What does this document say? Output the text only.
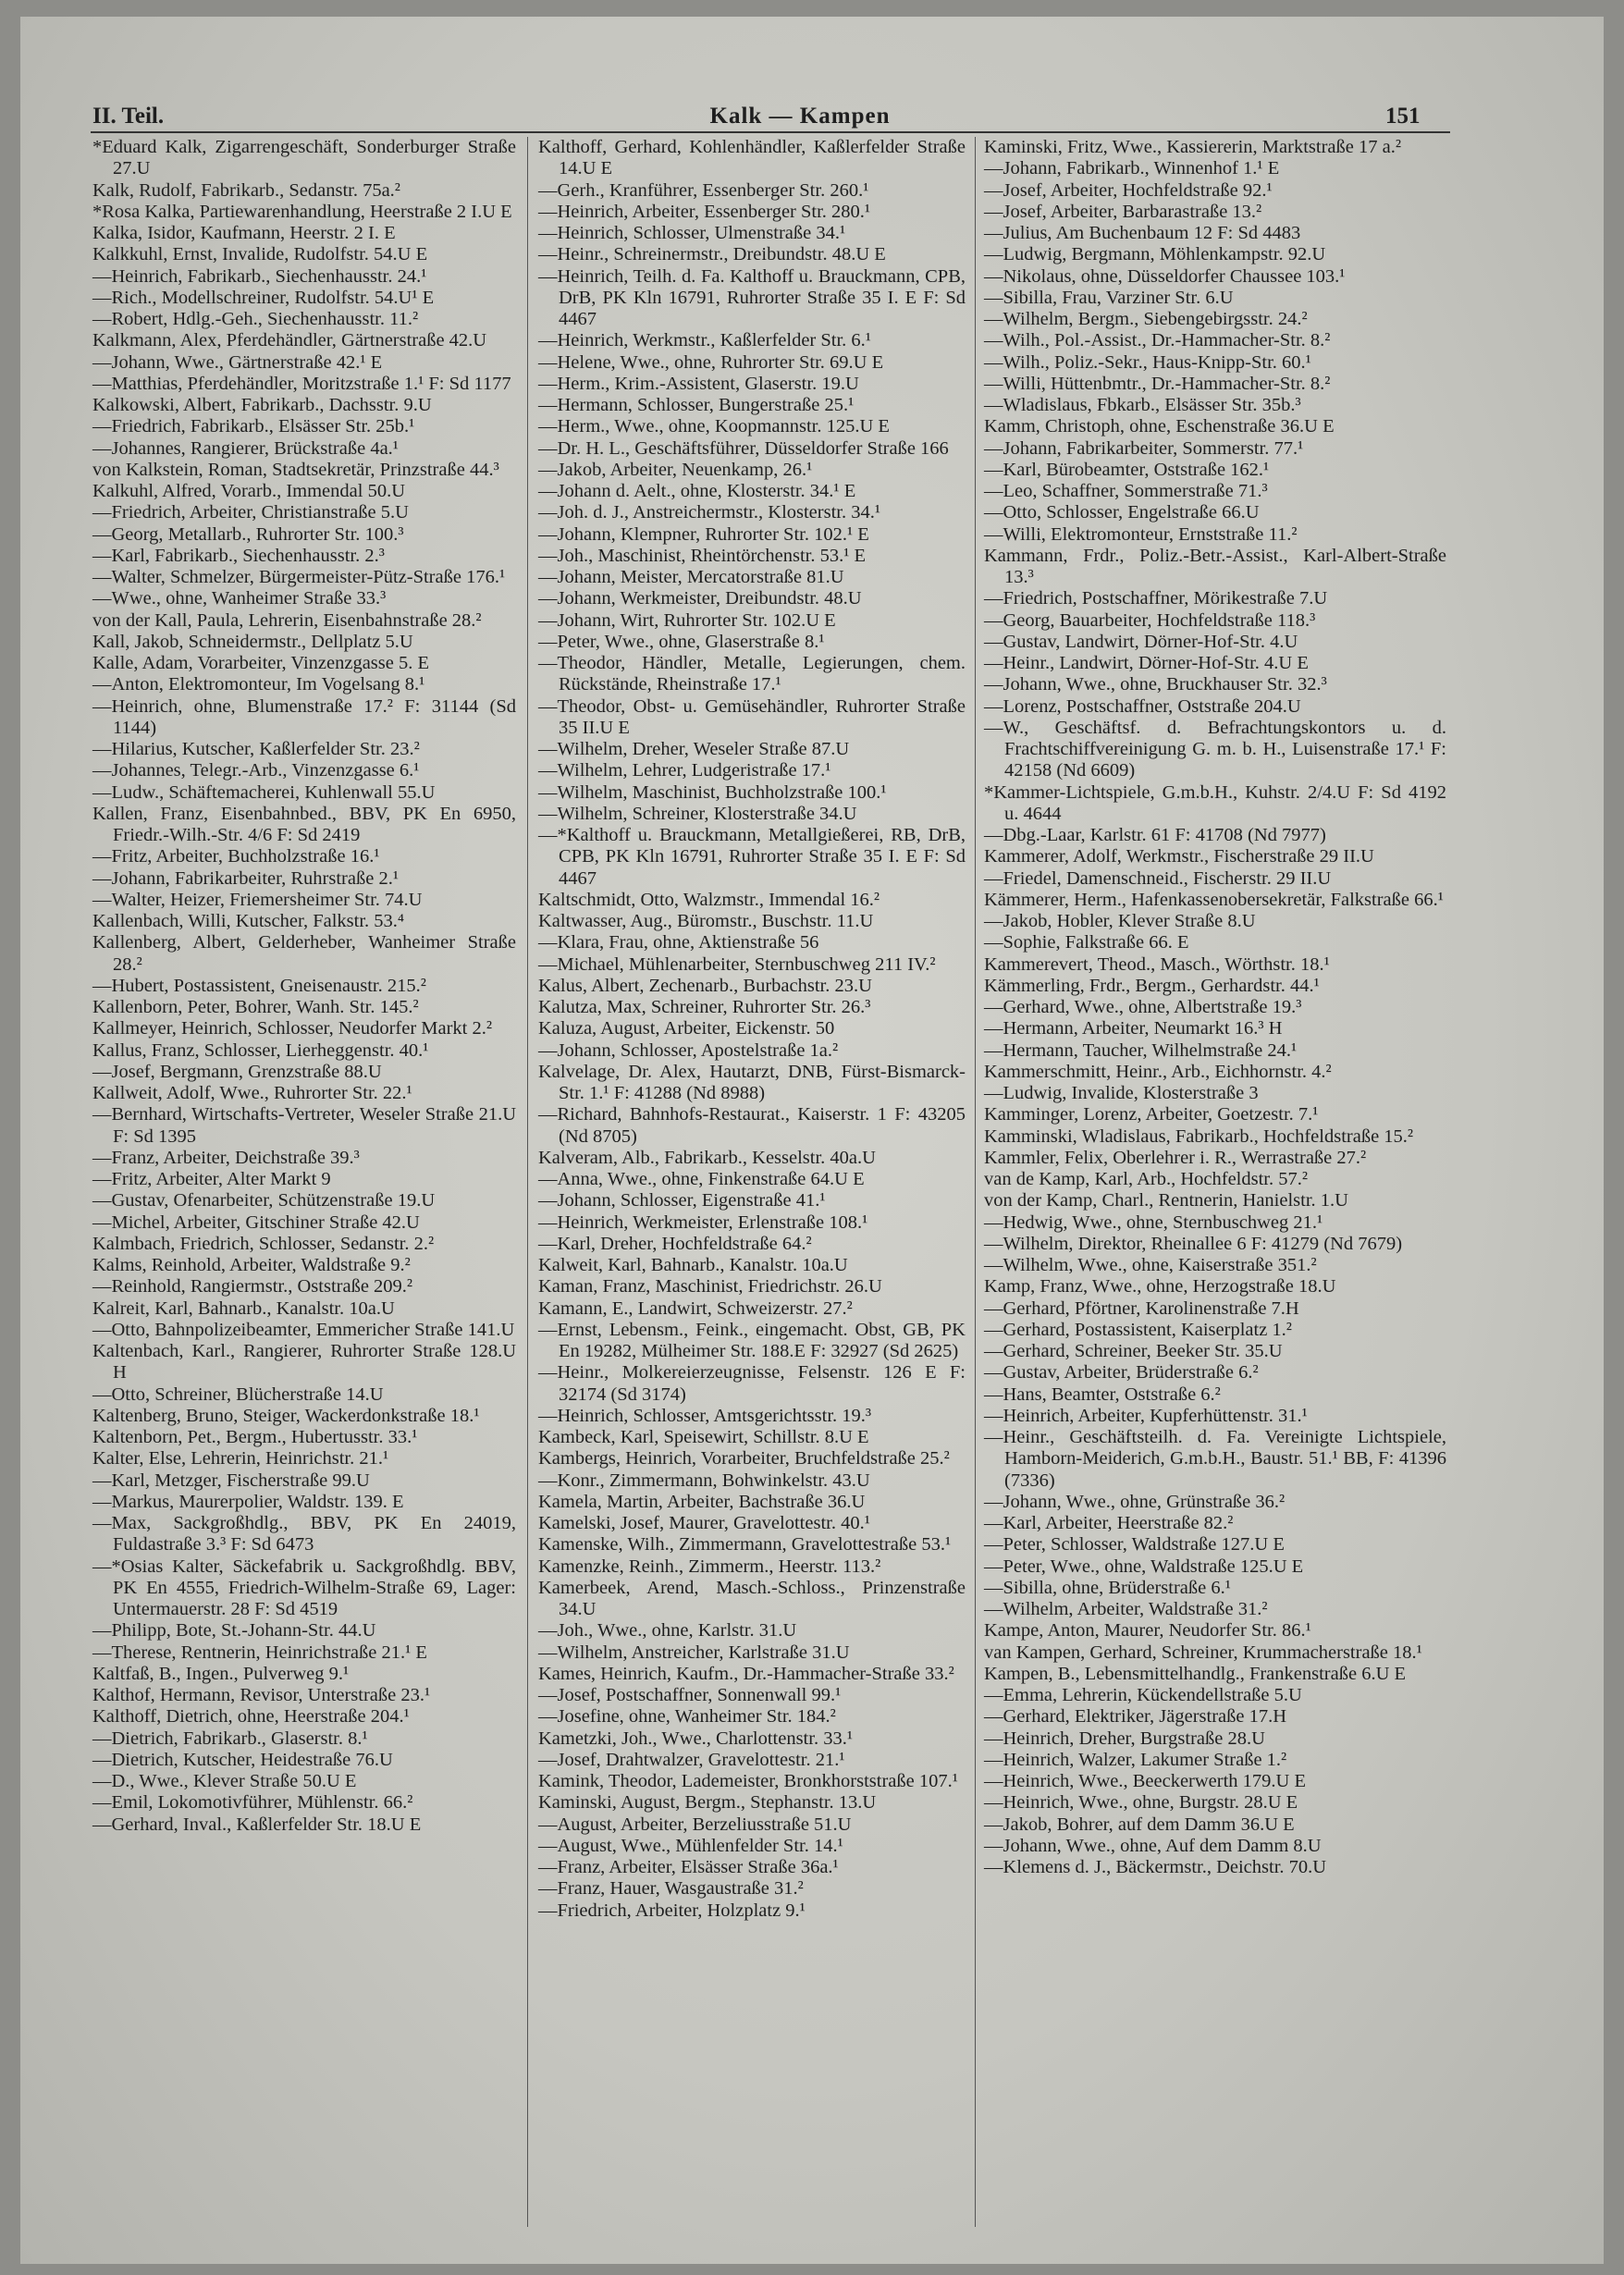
II. Teil.	Kalk — Kampen	151
*Eduard Kalk, Zigarrengeschäft, Sonderburger Straße 27.U
Kalk, Rudolf, Fabrikarb., Sedanstr. 75a.²
*Rosa Kalka, Partiewarenhandlung, Heerstraße 2 I.U E
Kalka, Isidor, Kaufmann, Heerstr. 2 I. E
Kalkkuhl, Ernst, Invalide, Rudolfstr. 54.U E
—Heinrich, Fabrikarb., Siechenhausstr. 24.¹
—Rich., Modellschreiner, Rudolfstr. 54.U¹ E
—Robert, Hdlg.-Geh., Siechenhausstr. 11.²
Kalkmann, Alex, Pferdehändler, Gärtnerstraße 42.U
—Johann, Wwe., Gärtnerstraße 42.¹ E
—Matthias, Pferdehändler, Moritzstraße 1.¹ F: Sd 1177
Kalkowski, Albert, Fabrikarb., Dachsstr. 9.U
—Friedrich, Fabrikarb., Elsässer Str. 25b.¹
—Johannes, Rangierer, Brückstraße 4a.¹
von Kalkstein, Roman, Stadtsekretär, Prinzstraße 44.³
Kalkuhl, Alfred, Vorarb., Immendal 50.U
—Friedrich, Arbeiter, Christianstraße 5.U
—Georg, Metallarb., Ruhrorter Str. 100.³
—Karl, Fabrikarb., Siechenhausstr. 2.³
—Walter, Schmelzer, Bürgermeister-Pütz-Straße 176.¹
—Wwe., ohne, Wanheimer Straße 33.³
von der Kall, Paula, Lehrerin, Eisenbahnstraße 28.²
Kall, Jakob, Schneidermstr., Dellplatz 5.U
Kalle, Adam, Vorarbeiter, Vinzenzgasse 5. E
—Anton, Elektromonteur, Im Vogelsang 8.¹
—Heinrich, ohne, Blumenstraße 17.² F: 31144 (Sd 1144)
—Hilarius, Kutscher, Kaßlerfelder Str. 23.²
—Johannes, Telegr.-Arb., Vinzenzgasse 6.¹
—Ludw., Schäftemacherei, Kuhlenwall 55.U
Kallen, Franz, Eisenbahnbed., BBV, PK En 6950, Friedr.-Wilh.-Str. 4/6 F: Sd 2419
—Fritz, Arbeiter, Buchholzstraße 16.¹
—Johann, Fabrikarbeiter, Ruhrstraße 2.¹
—Walter, Heizer, Friemersheimer Str. 74.U
Kallenbach, Willi, Kutscher, Falkstr. 53.⁴
Kallenberg, Albert, Gelderheber, Wanheimer Straße 28.²
—Hubert, Postassistent, Gneisenaustr. 215.²
Kallenborn, Peter, Bohrer, Wanh. Str. 145.²
Kallmeyer, Heinrich, Schlosser, Neudorfer Markt 2.²
Kallus, Franz, Schlosser, Lierheggenstr. 40.¹
—Josef, Bergmann, Grenzstraße 88.U
Kallweit, Adolf, Wwe., Ruhrorter Str. 22.¹
—Bernhard, Wirtschafts-Vertreter, Weseler Straße 21.U F: Sd 1395
—Franz, Arbeiter, Deichstraße 39.³
—Fritz, Arbeiter, Alter Markt 9
—Gustav, Ofenarbeiter, Schützenstraße 19.U
—Michel, Arbeiter, Gitschiner Straße 42.U
Kalmbach, Friedrich, Schlosser, Sedanstr. 2.²
Kalms, Reinhold, Arbeiter, Waldstraße 9.²
—Reinhold, Rangiermstr., Oststraße 209.²
Kalreit, Karl, Bahnarb., Kanalstr. 10a.U
—Otto, Bahnpolizeibeamter, Emmericher Straße 141.U
Kaltenbach, Karl., Rangierer, Ruhrorter Straße 128.U H
—Otto, Schreiner, Blücherstraße 14.U
Kaltenberg, Bruno, Steiger, Wackerdonkstraße 18.¹
Kaltenborn, Pet., Bergm., Hubertusstr. 33.¹
Kalter, Else, Lehrerin, Heinrichstr. 21.¹
—Karl, Metzger, Fischerstraße 99.U
—Markus, Maurerpolier, Waldstr. 139. E
—Max, Sackgroßhdlg., BBV, PK En 24019, Fuldastraße 3.³ F: Sd 6473
—*Osias Kalter, Säckefabrik u. Sackgroßhdlg. BBV, PK En 4555, Friedrich-Wilhelm-Straße 69, Lager: Untermauerstr. 28 F: Sd 4519
—Philipp, Bote, St.-Johann-Str. 44.U
—Therese, Rentnerin, Heinrichstraße 21.¹ E
Kaltfaß, B., Ingen., Pulverweg 9.¹
Kalthof, Hermann, Revisor, Unterstraße 23.¹
Kalthoff, Dietrich, ohne, Heerstraße 204.¹
—Dietrich, Fabrikarb., Glaserstr. 8.¹
—Dietrich, Kutscher, Heidestraße 76.U
—D., Wwe., Klever Straße 50.U E
—Emil, Lokomotivführer, Mühlenstr. 66.²
—Gerhard, Inval., Kaßlerfelder Str. 18.U E
Kalthoff, Gerhard, Kohlenhändler, Kaßlerfelder Straße 14.U E
—Gerh., Kranführer, Essenberger Str. 260.¹
—Heinrich, Arbeiter, Essenberger Str. 280.¹
—Heinrich, Schlosser, Ulmenstraße 34.¹
—Heinr., Schreinermstr., Dreibundstr. 48.U E
—Heinrich, Teilh. d. Fa. Kalthoff u. Brauckmann, CPB, DrB, PK Kln 16791, Ruhrorter Straße 35 I. E F: Sd 4467
—Heinrich, Werkmstr., Kaßlerfelder Str. 6.¹
—Helene, Wwe., ohne, Ruhrorter Str. 69.U E
—Herm., Krim.-Assistent, Glaserstr. 19.U
—Hermann, Schlosser, Bungerstraße 25.¹
—Herm., Wwe., ohne, Koopmannstr. 125.U E
—Dr. H. L., Geschäftsführer, Düsseldorfer Straße 166
—Jakob, Arbeiter, Neuenkamp, 26.¹
—Johann d. Aelt., ohne, Klosterstr. 34.¹ E
—Joh. d. J., Anstreichermstr., Klosterstr. 34.¹
—Johann, Klempner, Ruhrorter Str. 102.¹ E
—Joh., Maschinist, Rheintörchenstr. 53.¹ E
—Johann, Meister, Mercatorstraße 81.U
—Johann, Werkmeister, Dreibundstr. 48.U
—Johann, Wirt, Ruhrorter Str. 102.U E
—Peter, Wwe., ohne, Glaserstraße 8.¹
—Theodor, Händler, Metalle, Legierungen, chem. Rückstände, Rheinstraße 17.¹
—Theodor, Obst- u. Gemüsehändler, Ruhrorter Straße 35 II.U E
—Wilhelm, Dreher, Weseler Straße 87.U
—Wilhelm, Lehrer, Ludgeristraße 17.¹
—Wilhelm, Maschinist, Buchholzstraße 100.¹
—Wilhelm, Schreiner, Klosterstraße 34.U
—*Kalthoff u. Brauckmann, Metallgießerei, RB, DrB, CPB, PK Kln 16791, Ruhrorter Straße 35 I. E F: Sd 4467
Kaltschmidt, Otto, Walzmstr., Immendal 16.²
Kaltwasser, Aug., Büromstr., Buschstr. 11.U
—Klara, Frau, ohne, Aktienstraße 56
—Michael, Mühlenarbeiter, Sternbuschweg 211 IV.²
Kalus, Albert, Zechenarb., Burbachstr. 23.U
Kalutza, Max, Schreiner, Ruhrorter Str. 26.³
Kaluza, August, Arbeiter, Eickenstr. 50
—Johann, Schlosser, Apostelstraße 1a.²
Kalvelage, Dr. Alex, Hautarzt, DNB, Fürst-Bismarck-Str. 1.¹ F: 41288 (Nd 8988)
—Richard, Bahnhofs-Restaurat., Kaiserstr. 1 F: 43205 (Nd 8705)
Kalveram, Alb., Fabrikarb., Kesselstr. 40a.U
—Anna, Wwe., ohne, Finkenstraße 64.U E
—Johann, Schlosser, Eigenstraße 41.¹
—Heinrich, Werkmeister, Erlenstraße 108.¹
—Karl, Dreher, Hochfeldstraße 64.²
Kalweit, Karl, Bahnarb., Kanalstr. 10a.U
Kaman, Franz, Maschinist, Friedrichstr. 26.U
Kamann, E., Landwirt, Schweizerstr. 27.²
—Ernst, Lebensm., Feink., eingemacht. Obst, GB, PK En 19282, Mülheimer Str. 188.E F: 32927 (Sd 2625)
—Heinr., Molkereierzeugnisse, Felsenstr. 126 E F: 32174 (Sd 3174)
—Heinrich, Schlosser, Amtsgerichtsstr. 19.³
Kambeck, Karl, Speisewirt, Schillstr. 8.U E
Kambergs, Heinrich, Vorarbeiter, Bruchfeldstraße 25.²
—Konr., Zimmermann, Bohwinkelstr. 43.U
Kamela, Martin, Arbeiter, Bachstraße 36.U
Kamelski, Josef, Maurer, Gravelottestr. 40.¹
Kamenske, Wilh., Zimmermann, Gravelottestraße 53.¹
Kamenzke, Reinh., Zimmerm., Heerstr. 113.²
Kamerbeek, Arend, Masch.-Schloss., Prinzenstraße 34.U
—Joh., Wwe., ohne, Karlstr. 31.U
—Wilhelm, Anstreicher, Karlstraße 31.U
Kames, Heinrich, Kaufm., Dr.-Hammacher-Straße 33.²
—Josef, Postschaffner, Sonnenwall 99.¹
—Josefine, ohne, Wanheimer Str. 184.²
Kametzki, Joh., Wwe., Charlottenstr. 33.¹
—Josef, Drahtwalzer, Gravelottestr. 21.¹
Kamink, Theodor, Lademeister, Bronkhorststraße 107.¹
Kaminski, August, Bergm., Stephanstr. 13.U
—August, Arbeiter, Berzeliusstraße 51.U
—August, Wwe., Mühlenfelder Str. 14.¹
—Franz, Arbeiter, Elsässer Straße 36a.¹
—Franz, Hauer, Wasgaustraße 31.²
—Friedrich, Arbeiter, Holzplatz 9.¹
Kaminski, Fritz, Wwe., Kassiererin, Marktstraße 17 a.²
—Johann, Fabrikarb., Winnenhof 1.¹ E
—Josef, Arbeiter, Hochfeldstraße 92.¹
—Josef, Arbeiter, Barbarastraße 13.²
—Julius, Am Buchenbaum 12 F: Sd 4483
—Ludwig, Bergmann, Möhlenkampstr. 92.U
—Nikolaus, ohne, Düsseldorfer Chaussee 103.¹
—Sibilla, Frau, Varziner Str. 6.U
—Wilhelm, Bergm., Siebengebirgsstr. 24.²
—Wilh., Pol.-Assist., Dr.-Hammacher-Str. 8.²
—Wilh., Poliz.-Sekr., Haus-Knipp-Str. 60.¹
—Willi, Hüttenbmtr., Dr.-Hammacher-Str. 8.²
—Wladislaus, Fbkarb., Elsässer Str. 35b.³
Kamm, Christoph, ohne, Eschenstraße 36.U E
—Johann, Fabrikarbeiter, Sommerstr. 77.¹
—Karl, Bürobeamter, Oststraße 162.¹
—Leo, Schaffner, Sommerstraße 71.³
—Otto, Schlosser, Engelstraße 66.U
—Willi, Elektromonteur, Ernststraße 11.²
Kammann, Frdr., Poliz.-Betr.-Assist., Karl-Albert-Straße 13.³
—Friedrich, Postschaffner, Mörikestraße 7.U
—Georg, Bauarbeiter, Hochfeldstraße 118.³
—Gustav, Landwirt, Dörner-Hof-Str. 4.U
—Heinr., Landwirt, Dörner-Hof-Str. 4.U E
—Johann, Wwe., ohne, Bruckhauser Str. 32.³
—Lorenz, Postschaffner, Oststraße 204.U
—W., Geschäftsf. d. Befrachtungskontors u. d. Frachtschiffvereinigung G. m. b. H., Luisenstraße 17.¹ F: 42158 (Nd 6609)
*Kammer-Lichtspiele, G.m.b.H., Kuhstr. 2/4.U F: Sd 4192 u. 4644
—Dbg.-Laar, Karlstr. 61 F: 41708 (Nd 7977)
Kammerer, Adolf, Werkmstr., Fischerstraße 29 II.U
—Friedel, Damenschneid., Fischerstr. 29 II.U
Kämmerer, Herm., Hafenkassenobersekretär, Falkstraße 66.¹
—Jakob, Hobler, Klever Straße 8.U
—Sophie, Falkstraße 66. E
Kammerevert, Theod., Masch., Wörthstr. 18.¹
Kämmerling, Frdr., Bergm., Gerhardstr. 44.¹
—Gerhard, Wwe., ohne, Albertstraße 19.³
—Hermann, Arbeiter, Neumarkt 16.³ H
—Hermann, Taucher, Wilhelmstraße 24.¹
Kammerschmitt, Heinr., Arb., Eichhornstr. 4.²
—Ludwig, Invalide, Klosterstraße 3
Kamminger, Lorenz, Arbeiter, Goetzestr. 7.¹
Kamminski, Wladislaus, Fabrikarb., Hochfeldstraße 15.²
Kammler, Felix, Oberlehrer i. R., Werrastraße 27.²
van de Kamp, Karl, Arb., Hochfeldstr. 57.²
von der Kamp, Charl., Rentnerin, Hanielstr. 1.U
—Hedwig, Wwe., ohne, Sternbuschweg 21.¹
—Wilhelm, Direktor, Rheinallee 6 F: 41279 (Nd 7679)
—Wilhelm, Wwe., ohne, Kaiserstraße 351.²
Kamp, Franz, Wwe., ohne, Herzogstraße 18.U
—Gerhard, Pförtner, Karolinenstraße 7.H
—Gerhard, Postassistent, Kaiserplatz 1.²
—Gerhard, Schreiner, Beeker Str. 35.U
—Gustav, Arbeiter, Brüderstraße 6.²
—Hans, Beamter, Oststraße 6.²
—Heinrich, Arbeiter, Kupferhüttenstr. 31.¹
—Heinr., Geschäftsteilh. d. Fa. Vereinigte Lichtspiele, Hamborn-Meiderich, G.m.b.H., Baustr. 51.¹ BB, F: 41396 (7336)
—Johann, Wwe., ohne, Grünstraße 36.²
—Karl, Arbeiter, Heerstraße 82.²
—Peter, Schlosser, Waldstraße 127.U E
—Peter, Wwe., ohne, Waldstraße 125.U E
—Sibilla, ohne, Brüderstraße 6.¹
—Wilhelm, Arbeiter, Waldstraße 31.²
Kampe, Anton, Maurer, Neudorfer Str. 86.¹
van Kampen, Gerhard, Schreiner, Krummacherstraße 18.¹
Kampen, B., Lebensmittelhandlg., Frankenstraße 6.U E
—Emma, Lehrerin, Kückendellstraße 5.U
—Gerhard, Elektriker, Jägerstraße 17.H
—Heinrich, Dreher, Burgstraße 28.U
—Heinrich, Walzer, Lakumer Straße 1.²
—Heinrich, Wwe., Beeckerwerth 179.U E
—Heinrich, Wwe., ohne, Burgstr. 28.U E
—Jakob, Bohrer, auf dem Damm 36.U E
—Johann, Wwe., ohne, Auf dem Damm 8.U
—Klemens d. J., Bäckermstr., Deichstr. 70.U
